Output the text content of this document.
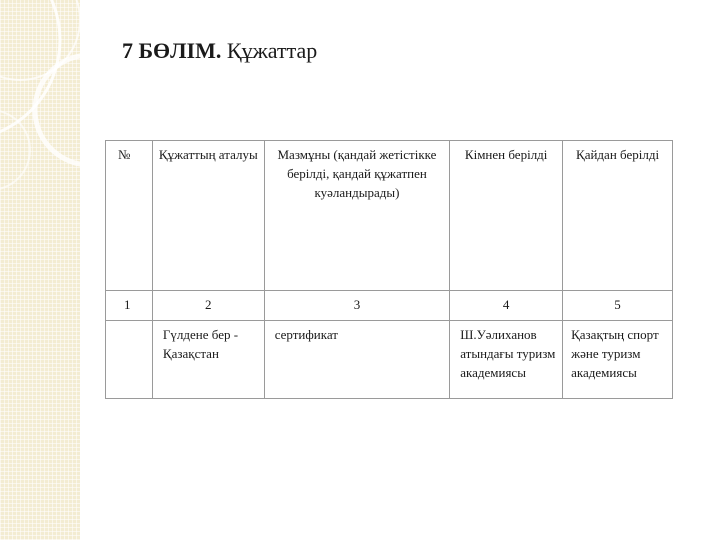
7 БӨЛІМ. Құжаттар
№	Құжаттың аталуы	Мазмұны (қандай жетістікке берілді, қандай құжатпен куәландырады)	Кімнен берілді	Қайдан берілді
1	2	3	4	5
	Гүлдене бер - Қазақстан	сертификат	Ш.Уәлиханов атындағы туризм академиясы	Қазақтың спорт және туризм академиясы
